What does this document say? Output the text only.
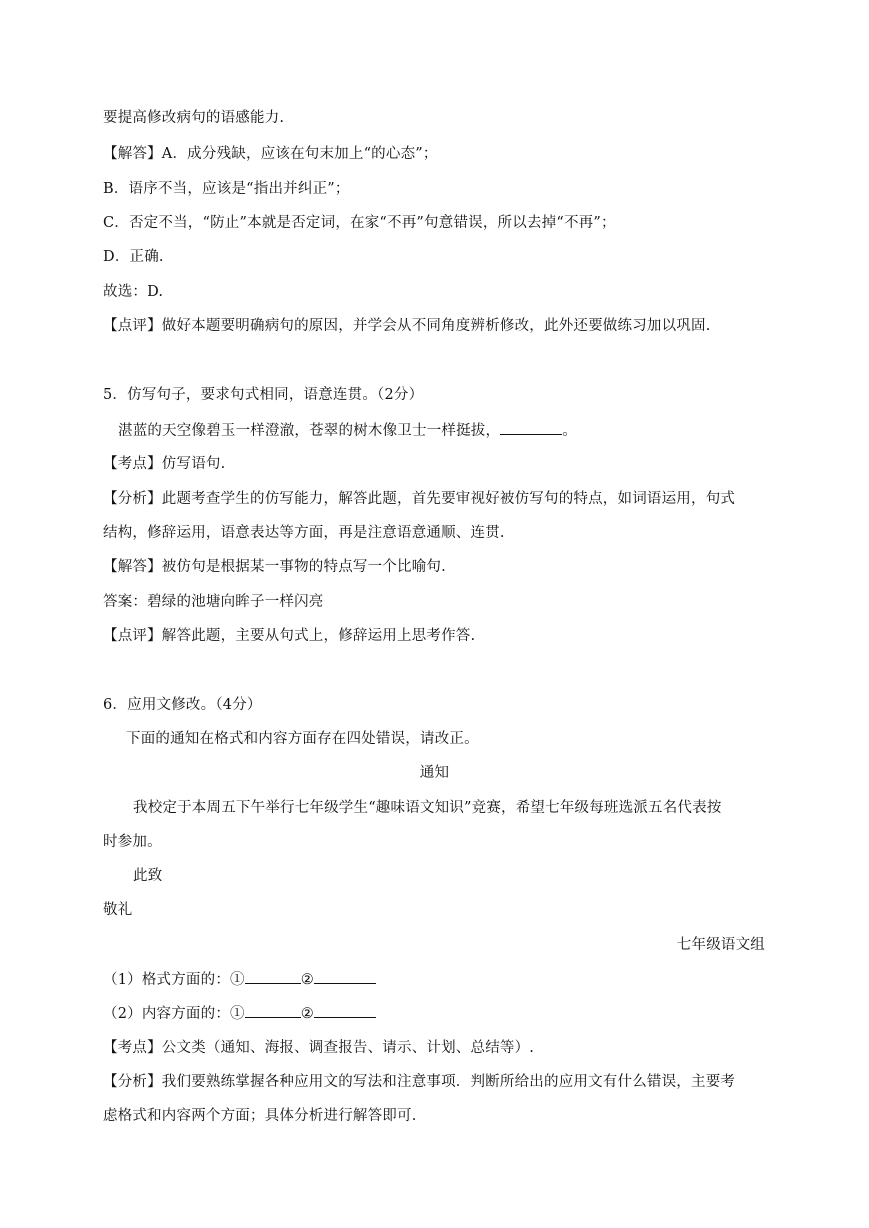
要提高修改病句的语感能力.
【解答】A．成分残缺，应该在句末加上“的心态”；
B．语序不当，应该是“指出并纠正”；
C．否定不当，“防止”本就是否定词，在家“不再”句意错误，所以去掉“不再”；
D．正确.
故选：D.
【点评】做好本题要明确病句的原因，并学会从不同角度辨析修改，此外还要做练习加以巩固.
5．仿写句子，要求句式相同，语意连贯。（2分）
湛蓝的天空像碧玉一样澄澈，苍翠的树木像卫士一样挺拔，	。
【考点】仿写语句.
【分析】此题考查学生的仿写能力，解答此题，首先要审视好被仿写句的特点，如词语运用，句式
结构，修辞运用，语意表达等方面，再是注意语意通顺、连贯.
【解答】被仿句是根据某一事物的特点写一个比喻句.
答案：碧绿的池塘向眸子一样闪亮
【点评】解答此题，主要从句式上，修辞运用上思考作答.
6．应用文修改。（4分）
下面的通知在格式和内容方面存在四处错误，请改正。
通知
我校定于本周五下午举行七年级学生“趣味语文知识”竞赛，希望七年级每班选派五名代表按
时参加。
此致
敬礼
七年级语文组
（1）格式方面的：①	②
（2）内容方面的：①	②
【考点】公文类（通知、海报、调查报告、请示、计划、总结等）.
【分析】我们要熟练掌握各种应用文的写法和注意事项．判断所给出的应用文有什么错误，主要考
虑格式和内容两个方面；具体分析进行解答即可.
